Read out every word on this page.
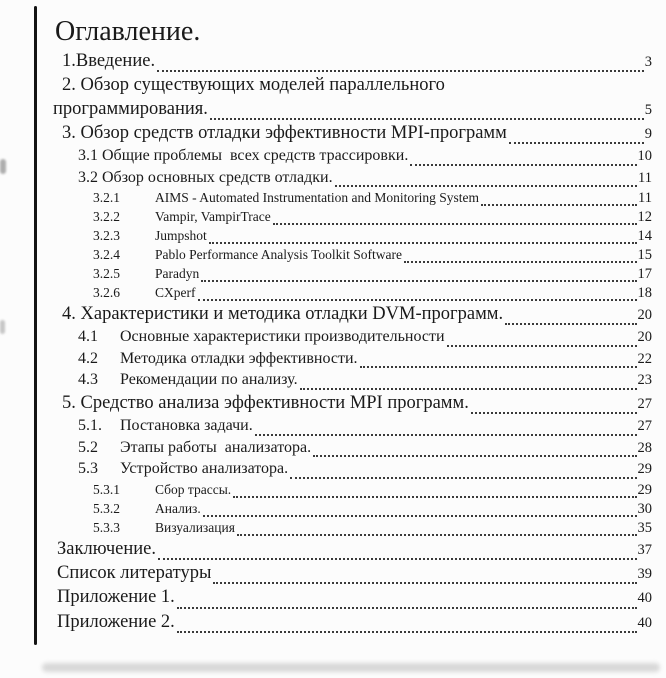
Оглавление.
1.Введение.	3
2. Обзор существующих моделей параллельного
программирования.	5
3. Обзор средств отладки эффективности MPI-программ	9
3.1 Общие проблемы  всех средств трассировки.	10
3.2 Обзор основных средств отладки.	11
3.2.1	AIMS - Automated Instrumentation and Monitoring System	11
3.2.2	Vampir, VampirTrace	12
3.2.3	Jumpshot	14
3.2.4	Pablo Performance Analysis Toolkit Software	15
3.2.5	Paradyn	17
3.2.6	CXperf	18
4. Характеристики и методика отладки DVM-программ.	20
4.1	Основные характеристики производительности	20
4.2	Методика отладки эффективности.	22
4.3	Рекомендации по анализу.	23
5. Средство анализа эффективности MPI программ.	27
5.1.	Постановка задачи.	27
5.2	Этапы работы  анализатора.	28
5.3	Устройство анализатора.	29
5.3.1	Сбор трассы.	29
5.3.2	Анализ.	30
5.3.3	Визуализация	35
Заключение.	37
Список литературы	39
Приложение 1.	40
Приложение 2.	40
